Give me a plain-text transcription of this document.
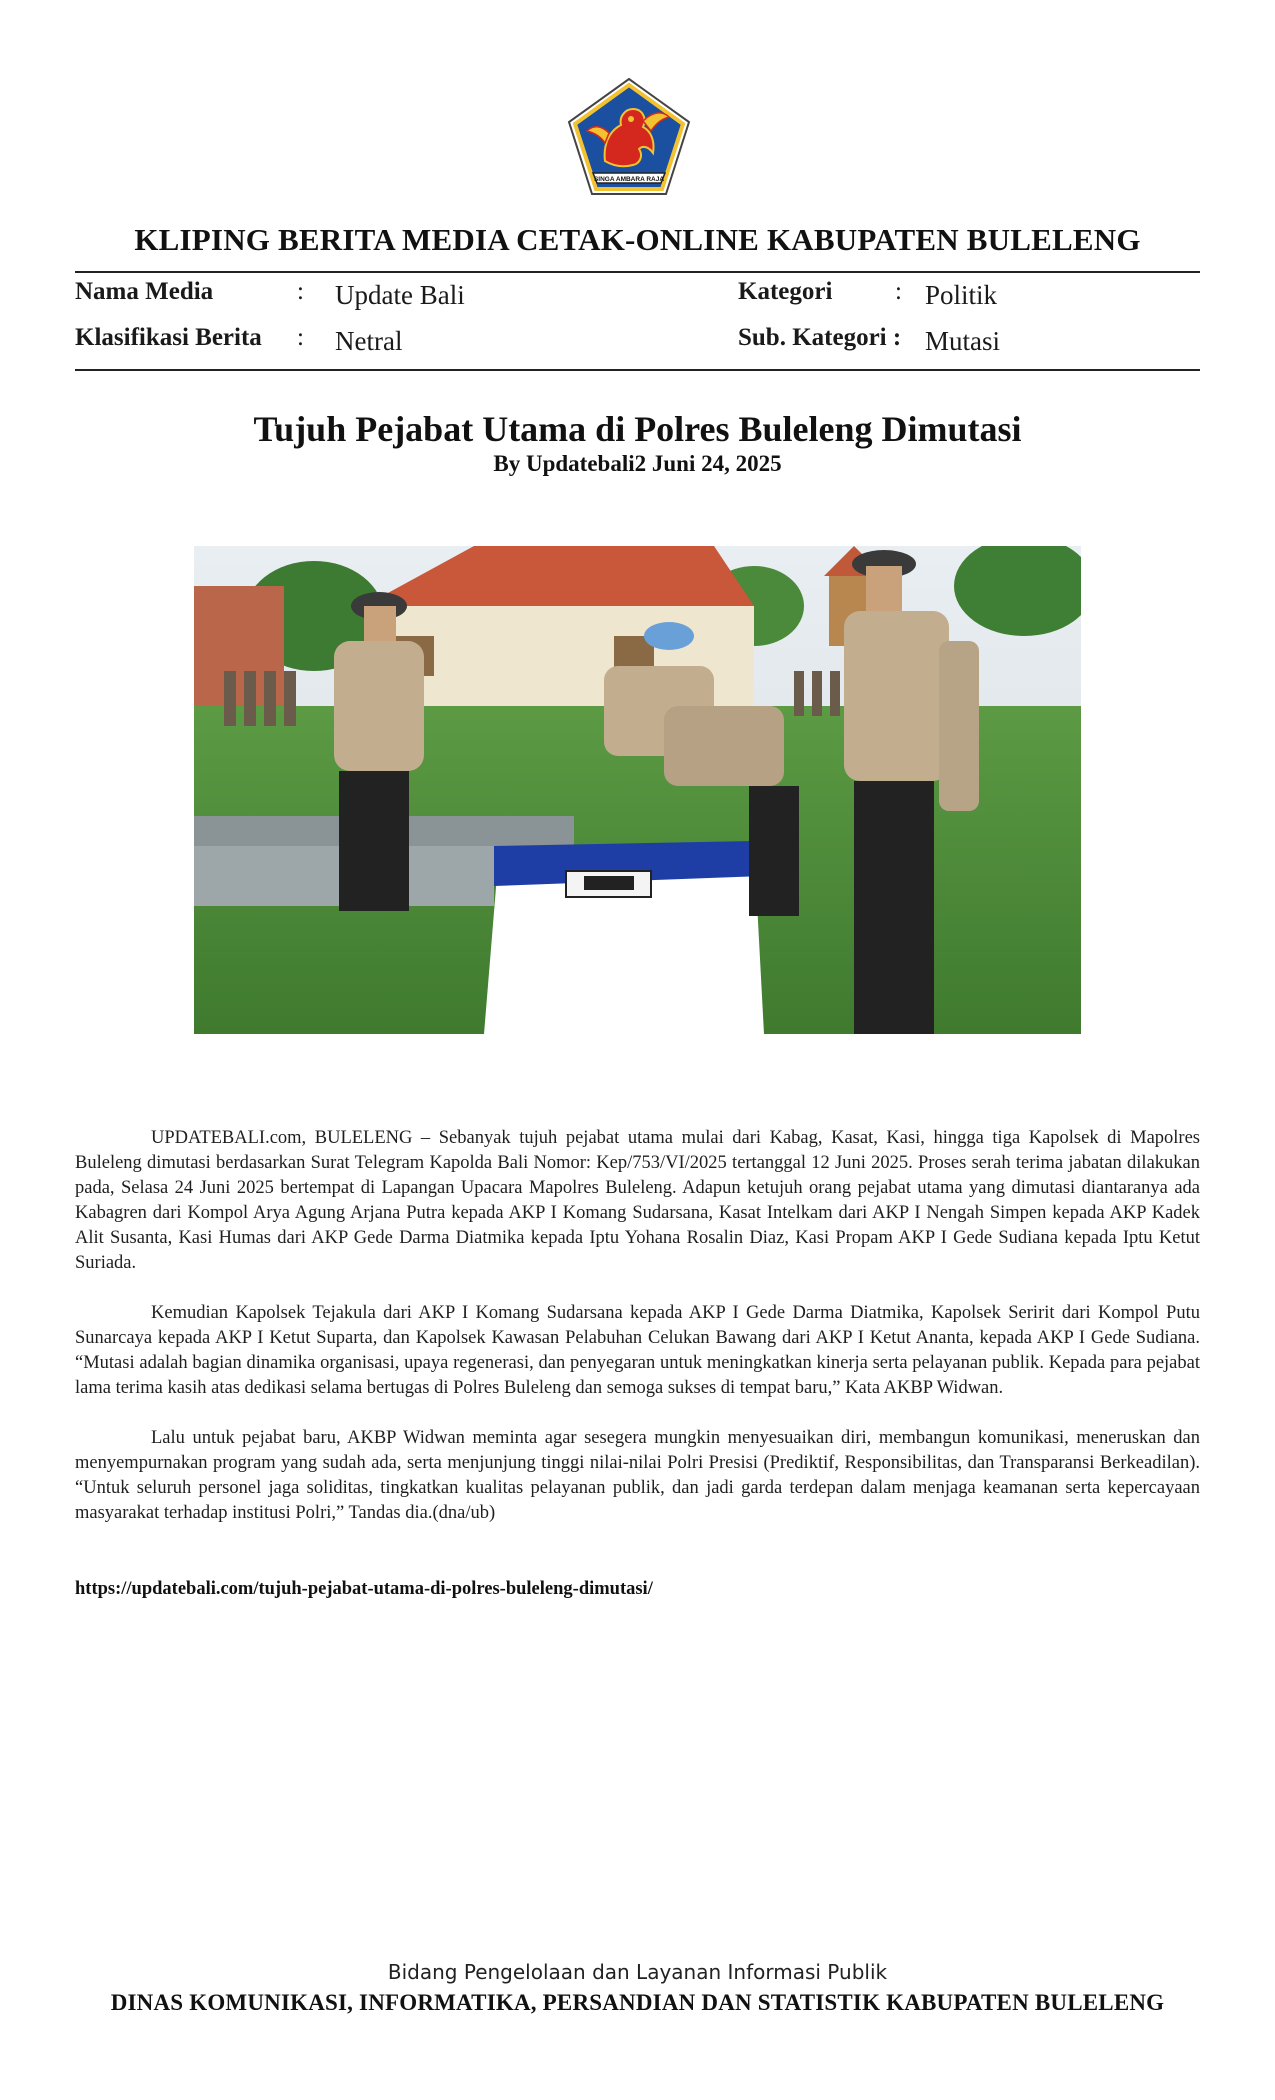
SINGA AMBARA RAJA
KLIPING BERITA MEDIA CETAK-ONLINE KABUPATEN BULELENG
Nama Media	: Update Bali	Kategori	: Politik
Klasifikasi Berita : Netral	Sub. Kategori : Mutasi
Tujuh Pejabat Utama di Polres Buleleng Dimutasi
By Updatebali2 Juni 24, 2025

UPDATEBALI.com, BULELENG – Sebanyak tujuh pejabat utama mulai dari Kabag, Kasat, Kasi, hingga tiga Kapolsek di Mapolres Buleleng dimutasi berdasarkan Surat Telegram Kapolda Bali Nomor: Kep/753/VI/2025 tertanggal 12 Juni 2025. Proses serah terima jabatan dilakukan pada, Selasa 24 Juni 2025 bertempat di Lapangan Upacara Mapolres Buleleng. Adapun ketujuh orang pejabat utama yang dimutasi diantaranya ada Kabagren dari Kompol Arya Agung Arjana Putra kepada AKP I Komang Sudarsana, Kasat Intelkam dari AKP I Nengah Simpen kepada AKP Kadek Alit Susanta, Kasi Humas dari AKP Gede Darma Diatmika kepada Iptu Yohana Rosalin Diaz, Kasi Propam AKP I Gede Sudiana kepada Iptu Ketut Suriada.

Kemudian Kapolsek Tejakula dari AKP I Komang Sudarsana kepada AKP I Gede Darma Diatmika, Kapolsek Seririt dari Kompol Putu Sunarcaya kepada AKP I Ketut Suparta, dan Kapolsek Kawasan Pelabuhan Celukan Bawang dari AKP I Ketut Ananta, kepada AKP I Gede Sudiana. “Mutasi adalah bagian dinamika organisasi, upaya regenerasi, dan penyegaran untuk meningkatkan kinerja serta pelayanan publik. Kepada para pejabat lama terima kasih atas dedikasi selama bertugas di Polres Buleleng dan semoga sukses di tempat baru,” Kata AKBP Widwan.

Lalu untuk pejabat baru, AKBP Widwan meminta agar sesegera mungkin menyesuaikan diri, membangun komunikasi, meneruskan dan menyempurnakan program yang sudah ada, serta menjunjung tinggi nilai-nilai Polri Presisi (Prediktif, Responsibilitas, dan Transparansi Berkeadilan). “Untuk seluruh personel jaga soliditas, tingkatkan kualitas pelayanan publik, dan jadi garda terdepan dalam menjaga keamanan serta kepercayaan masyarakat terhadap institusi Polri,” Tandas dia.(dna/ub)

https://updatebali.com/tujuh-pejabat-utama-di-polres-buleleng-dimutasi/
Bidang Pengelolaan dan Layanan Informasi Publik
DINAS KOMUNIKASI, INFORMATIKA, PERSANDIAN DAN STATISTIK KABUPATEN BULELENG
